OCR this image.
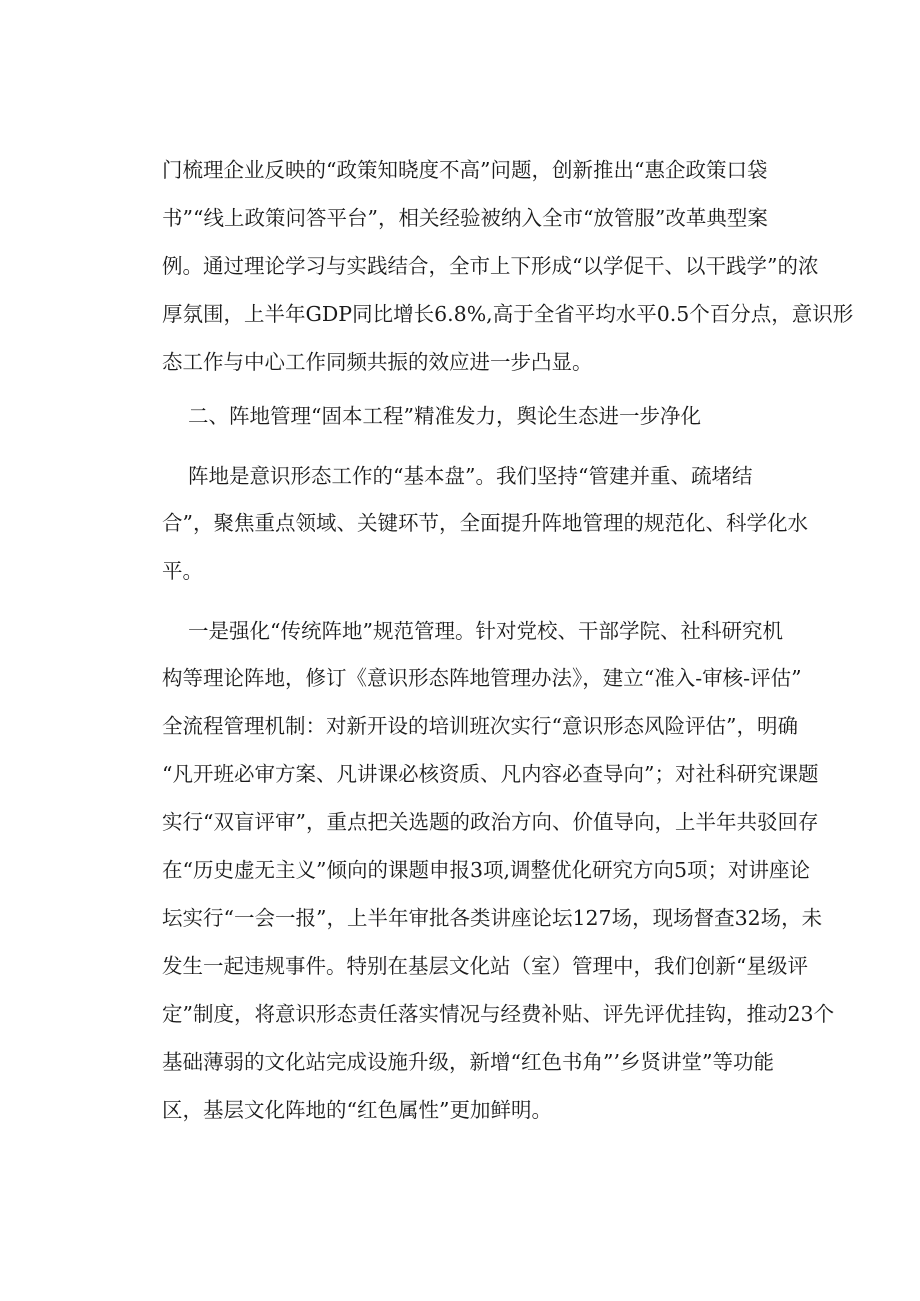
门梳理企业反映的“政策知晓度不高”问题，创新推出“惠企政策口袋
书”“线上政策问答平台”，相关经验被纳入全市“放管服”改革典型案
例。通过理论学习与实践结合，全市上下形成“以学促干、以干践学”的浓
厚氛围，上半年GDP同比增长6.8%,高于全省平均水平0.5个百分点，意识形
态工作与中心工作同频共振的效应进一步凸显。
二、阵地管理“固本工程”精准发力，舆论生态进一步净化
阵地是意识形态工作的“基本盘”。我们坚持“管建并重、疏堵结
合”，聚焦重点领域、关键环节，全面提升阵地管理的规范化、科学化水
平。
一是强化“传统阵地”规范管理。针对党校、干部学院、社科研究机
构等理论阵地，修订《意识形态阵地管理办法》，建立“准入-审核-评估”
全流程管理机制：对新开设的培训班次实行“意识形态风险评估”，明确
“凡开班必审方案、凡讲课必核资质、凡内容必查导向”；对社科研究课题
实行“双盲评审”，重点把关选题的政治方向、价值导向，上半年共驳回存
在“历史虚无主义”倾向的课题申报3项,调整优化研究方向5项；对讲座论
坛实行“一会一报”，上半年审批各类讲座论坛127场，现场督查32场，未
发生一起违规事件。特别在基层文化站（室）管理中，我们创新“星级评
定”制度，将意识形态责任落实情况与经费补贴、评先评优挂钩，推动23个
基础薄弱的文化站完成设施升级，新增“红色书角”’乡贤讲堂”等功能
区，基层文化阵地的“红色属性”更加鲜明。
